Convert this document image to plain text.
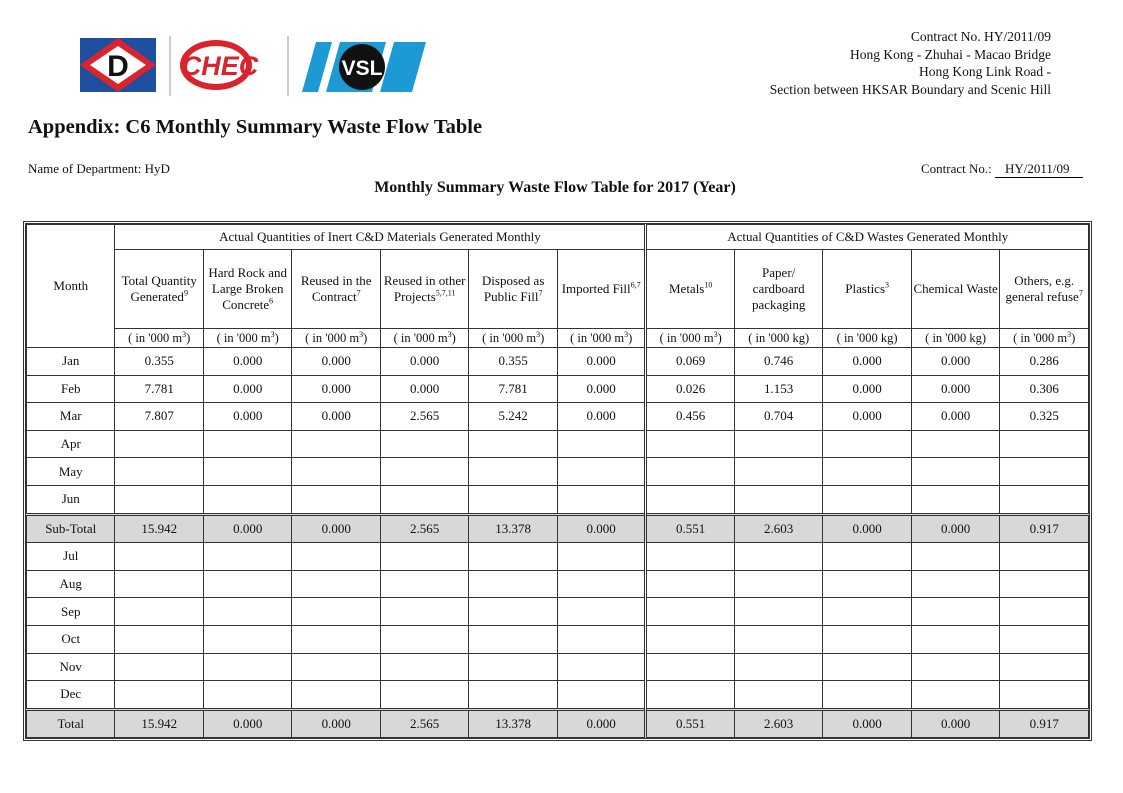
D CHEC	VSL
Contract No. HY/2011/09
Hong Kong - Zhuhai - Macao Bridge
Hong Kong Link Road -
Section between HKSAR Boundary and Scenic Hill
Appendix: C6 Monthly Summary Waste Flow Table
Name of Department: HyD	Contract No.: HY/2011/09
Monthly Summary Waste Flow Table for 2017 (Year)
Month	Actual Quantities of Inert C&D Materials Generated Monthly						Actual Quantities of C&D Wastes Generated Monthly				
	Total Quantity Generated$^9$	Hard Rock and Large Broken Concrete$^6$	Reused in the Contract$^7$	Reused in other Projects$^{5,7,11}$	Disposed as Public Fill$^7$	Imported Fill$^{6,7}$	Metals$^{10}$	Paper/ cardboard packaging	Plastics$^3$	Chemical Waste	Others, e.g. general refuse$^7$
	( in '000 $m^3$)	( in '000 $m^3$)	( in '000 $m^3$)	( in '000 $m^3$)	( in '000 $m^3$)	( in '000 $m^3$)	( in '000 $m^3$)	( in '000 kg)	( in '000 kg)	( in '000 kg)	( in '000 $m^3$)
Jan	0.355	0.000	0.000	0.000	0.355	0.000	0.069	0.746	0.000	0.000	0.286
Feb	7.781	0.000	0.000	0.000	7.781	0.000	0.026	1.153	0.000	0.000	0.306
Mar	7.807	0.000	0.000	2.565	5.242	0.000	0.456	0.704	0.000	0.000	0.325
Apr											
May											
Jun											
Sub-Total	15.942	0.000	0.000	2.565	13.378	0.000	0.551	2.603	0.000	0.000	0.917
Jul											
Aug											
Sep											
Oct											
Nov											
Dec											
Total	15.942	0.000	0.000	2.565	13.378	0.000	0.551	2.603	0.000	0.000	0.917
